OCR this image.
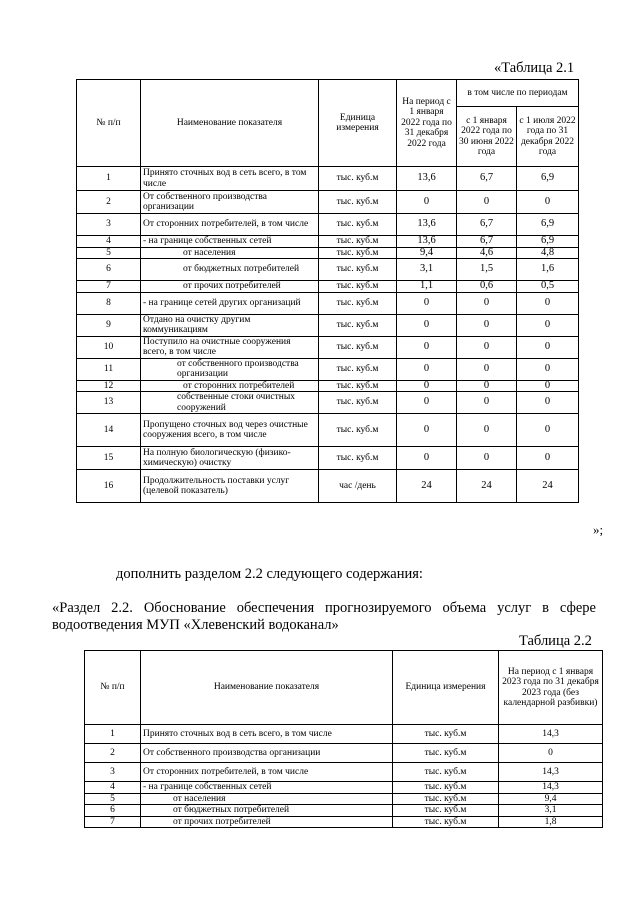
«Таблица 2.1
№ п/п	Наименование показателя	Единица измерения	На период с 1 января 2022 года по 31 декабря 2022 года	в том числе по периодам	
				с 1 января 2022 года по 30 июня 2022 года	с 1 июля 2022 года по 31 декабря 2022 года
1	Принято сточных вод в сеть всего, в том числе	тыс. куб.м	13,6	6,7	6,9
2	От собственного производства организации	тыс. куб.м	0	0	0
3	От сторонних потребителей, в том числе	тыс. куб.м	13,6	6,7	6,9
4	- на границе собственных сетей	тыс. куб.м	13,6	6,7	6,9
5	от населения	тыс. куб.м	9,4	4,6	4,8
6	от бюджетных потребителей	тыс. куб.м	3,1	1,5	1,6
7	от прочих потребителей	тыс. куб.м	1,1	0,6	0,5
8	- на границе сетей других организаций	тыс. куб.м	0	0	0
9	Отдано на очистку другим коммуникациям	тыс. куб.м	0	0	0
10	Поступило на очистные сооружения всего, в том числе	тыс. куб.м	0	0	0
11	от собственного производства организации	тыс. куб.м	0	0	0
12	от сторонних потребителей	тыс. куб.м	0	0	0
13	собственные стоки очистных сооружений	тыс. куб.м	0	0	0
14	Пропущено сточных вод через очистные сооружения всего, в том числе	тыс. куб.м	0	0	0
15	На полную биологическую (физико-химическую) очистку	тыс. куб.м	0	0	0
16	Продолжительность поставки услуг (целевой показатель)	час /день	24	24	24
»;
дополнить разделом 2.2 следующего содержания:
«Раздел 2.2. Обоснование обеспечения прогнозируемого объема услуг в сфере водоотведения МУП «Хлевенский водоканал»
Таблица 2.2
№ п/п	Наименование показателя	Единица измерения	На период с 1 января 2023 года по 31 декабря 2023 года (без календарной разбивки)
1	Принято сточных вод в сеть всего, в том числе	тыс. куб.м	14,3
2	От собственного производства организации	тыс. куб.м	0
3	От сторонних потребителей, в том числе	тыс. куб.м	14,3
4	- на границе собственных сетей	тыс. куб.м	14,3
5	от населения	тыс. куб.м	9,4
6	от бюджетных потребителей	тыс. куб.м	3,1
7	от прочих потребителей	тыс. куб.м	1,8
